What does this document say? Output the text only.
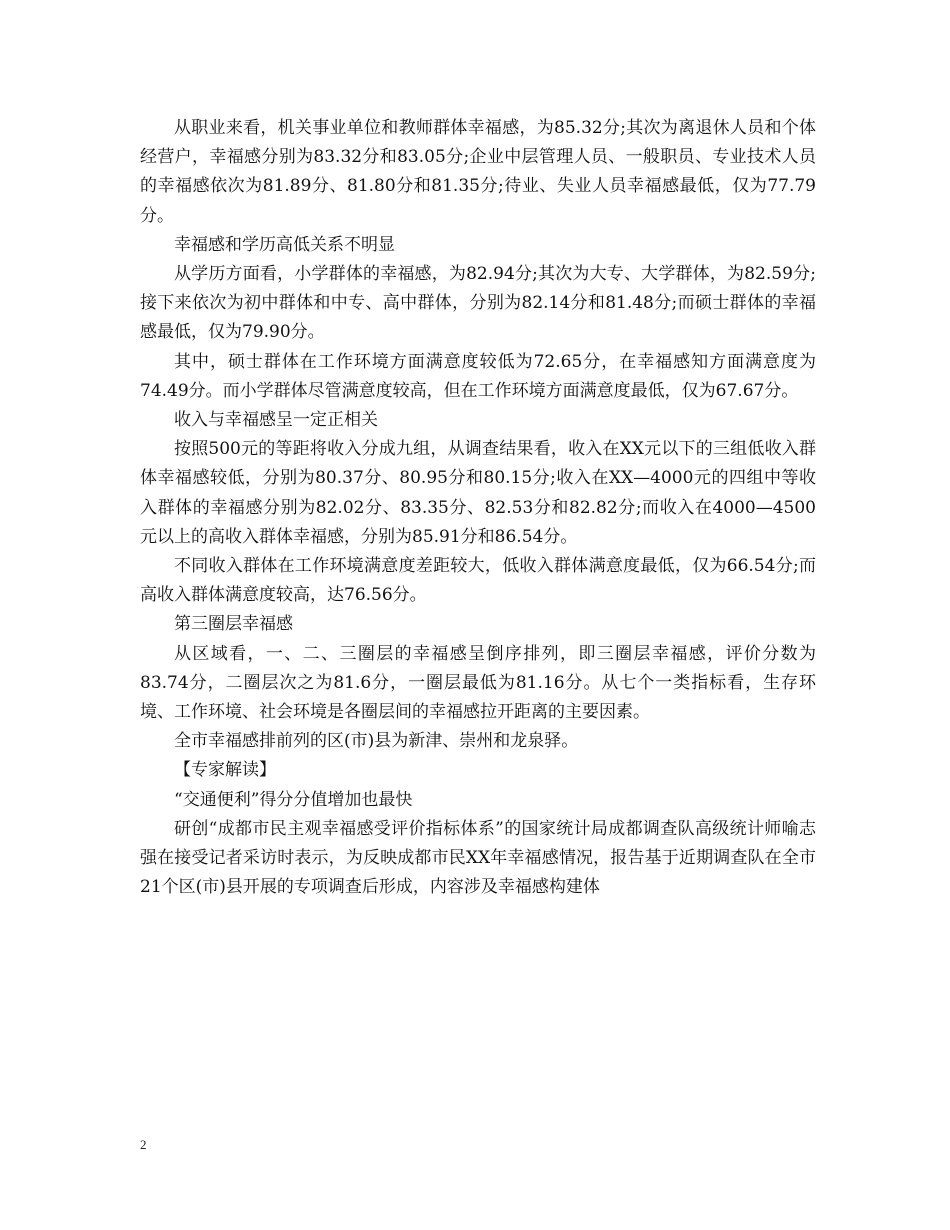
从职业来看，机关事业单位和教师群体幸福感，为85.32分;其次为离退休人员和个体经营户，幸福感分别为83.32分和83.05分;企业中层管理人员、一般职员、专业技术人员的幸福感依次为81.89分、81.80分和81.35分;待业、失业人员幸福感最低，仅为77.79分。

幸福感和学历高低关系不明显

从学历方面看，小学群体的幸福感，为82.94分;其次为大专、大学群体，为82.59分;接下来依次为初中群体和中专、高中群体，分别为82.14分和81.48分;而硕士群体的幸福感最低，仅为79.90分。

其中，硕士群体在工作环境方面满意度较低为72.65分，在幸福感知方面满意度为74.49分。而小学群体尽管满意度较高，但在工作环境方面满意度最低，仅为67.67分。

收入与幸福感呈一定正相关

按照500元的等距将收入分成九组，从调查结果看，收入在XX元以下的三组低收入群体幸福感较低，分别为80.37分、80.95分和80.15分;收入在XX—4000元的四组中等收入群体的幸福感分别为82.02分、83.35分、82.53分和82.82分;而收入在4000—4500元以上的高收入群体幸福感，分别为85.91分和86.54分。

不同收入群体在工作环境满意度差距较大，低收入群体满意度最低，仅为66.54分;而高收入群体满意度较高，达76.56分。

第三圈层幸福感

从区域看，一、二、三圈层的幸福感呈倒序排列，即三圈层幸福感，评价分数为83.74分，二圈层次之为81.6分，一圈层最低为81.16分。从七个一类指标看，生存环境、工作环境、社会环境是各圈层间的幸福感拉开距离的主要因素。

全市幸福感排前列的区(市)县为新津、崇州和龙泉驿。

【专家解读】

“交通便利”得分分值增加也最快

研创“成都市民主观幸福感受评价指标体系”的国家统计局成都调查队高级统计师喻志强在接受记者采访时表示，为反映成都市民XX年幸福感情况，报告基于近期调查队在全市21个区(市)县开展的专项调查后形成，内容涉及幸福感构建体

2
